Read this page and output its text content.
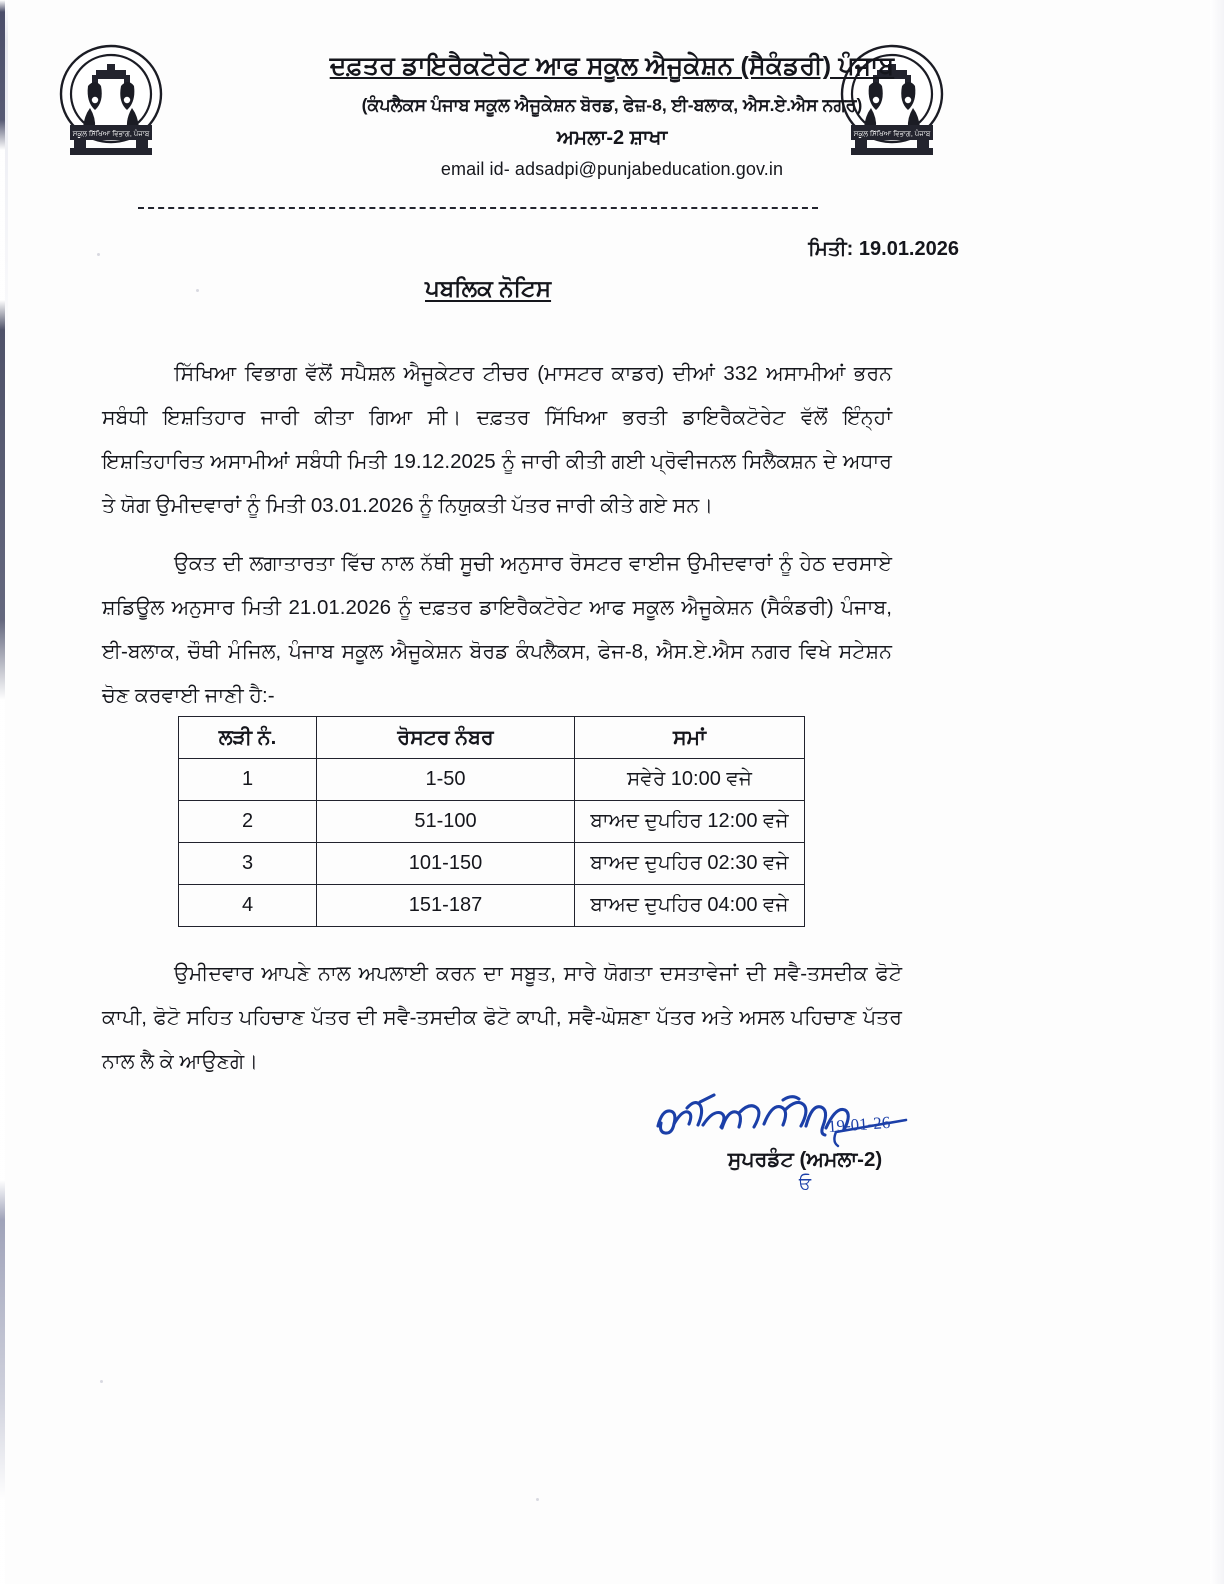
ਸਕੂਲ ਸਿੱਖਿਆ ਵਿਭਾਗ, ਪੰਜਾਬ	ਸਕੂਲ ਸਿੱਖਿਆ ਵਿਭਾਗ, ਪੰਜਾਬ
ਦਫ਼ਤਰ ਡਾਇਰੈਕਟੋਰੇਟ ਆਫ ਸਕੂਲ ਐਜੂਕੇਸ਼ਨ (ਸੈਕੰਡਰੀ) ਪੰਜਾਬ
(ਕੰਪਲੈਕਸ ਪੰਜਾਬ ਸਕੂਲ ਐਜੂਕੇਸ਼ਨ ਬੋਰਡ, ਫੇਜ਼-8, ਈ-ਬਲਾਕ, ਐਸ.ਏ.ਐਸ ਨਗਰ)
ਅਮਲਾ-2 ਸ਼ਾਖਾ
email id- adsadpi@punjabeducation.gov.in
ਮਿਤੀ: 19.01.2026
ਪਬਲਿਕ ਨੋਟਿਸ

ਸਿੱਖਿਆ ਵਿਭਾਗ ਵੱਲੋਂ ਸਪੈਸ਼ਲ ਐਜੂਕੇਟਰ ਟੀਚਰ (ਮਾਸਟਰ ਕਾਡਰ) ਦੀਆਂ 332 ਅਸਾਮੀਆਂ ਭਰਨ ਸਬੰਧੀ ਇਸ਼ਤਿਹਾਰ ਜਾਰੀ ਕੀਤਾ ਗਿਆ ਸੀ। ਦਫ਼ਤਰ ਸਿੱਖਿਆ ਭਰਤੀ ਡਾਇਰੈਕਟੋਰੇਟ ਵੱਲੋਂ ਇੰਨ੍ਹਾਂ ਇਸ਼ਤਿਹਾਰਿਤ ਅਸਾਮੀਆਂ ਸਬੰਧੀ ਮਿਤੀ 19.12.2025 ਨੂੰ ਜਾਰੀ ਕੀਤੀ ਗਈ ਪ੍ਰੋਵੀਜਨਲ ਸਿਲੈਕਸ਼ਨ ਦੇ ਅਧਾਰ ਤੇ ਯੋਗ ਉਮੀਦਵਾਰਾਂ ਨੂੰ ਮਿਤੀ 03.01.2026 ਨੂੰ ਨਿਯੁਕਤੀ ਪੱਤਰ ਜਾਰੀ ਕੀਤੇ ਗਏ ਸਨ।

ਉਕਤ ਦੀ ਲਗਾਤਾਰਤਾ ਵਿੱਚ ਨਾਲ ਨੱਥੀ ਸੂਚੀ ਅਨੁਸਾਰ ਰੋਸਟਰ ਵਾਈਜ ਉਮੀਦਵਾਰਾਂ ਨੂੰ ਹੇਠ ਦਰਸਾਏ ਸ਼ਡਿਊਲ ਅਨੁਸਾਰ ਮਿਤੀ 21.01.2026 ਨੂੰ ਦਫ਼ਤਰ ਡਾਇਰੈਕਟੋਰੇਟ ਆਫ ਸਕੂਲ ਐਜੂਕੇਸ਼ਨ (ਸੈਕੰਡਰੀ) ਪੰਜਾਬ, ਈ-ਬਲਾਕ, ਚੌਥੀ ਮੰਜਿਲ, ਪੰਜਾਬ ਸਕੂਲ ਐਜੂਕੇਸ਼ਨ ਬੋਰਡ ਕੰਪਲੈਕਸ, ਫੇਜ-8, ਐਸ.ਏ.ਐਸ ਨਗਰ ਵਿਖੇ ਸਟੇਸ਼ਨ ਚੋਣ ਕਰਵਾਈ ਜਾਣੀ ਹੈ:-

ਲੜੀ ਨੰ.	ਰੋਸਟਰ ਨੰਬਰ	ਸਮਾਂ
1	1-50	ਸਵੇਰੇ 10:00 ਵਜੇ
2	51-100	ਬਾਅਦ ਦੁਪਹਿਰ 12:00 ਵਜੇ
3	101-150	ਬਾਅਦ ਦੁਪਹਿਰ 02:30 ਵਜੇ
4	151-187	ਬਾਅਦ ਦੁਪਹਿਰ 04:00 ਵਜੇ

ਉਮੀਦਵਾਰ ਆਪਣੇ ਨਾਲ ਅਪਲਾਈ ਕਰਨ ਦਾ ਸਬੂਤ, ਸਾਰੇ ਯੋਗਤਾ ਦਸਤਾਵੇਜਾਂ ਦੀ ਸਵੈ-ਤਸਦੀਕ ਫੋਟੋ ਕਾਪੀ, ਫੋਟੋ ਸਹਿਤ ਪਹਿਚਾਣ ਪੱਤਰ ਦੀ ਸਵੈ-ਤਸਦੀਕ ਫੋਟੋ ਕਾਪੀ, ਸਵੈ-ਘੋਸ਼ਣਾ ਪੱਤਰ ਅਤੇ ਅਸਲ ਪਹਿਚਾਣ ਪੱਤਰ ਨਾਲ ਲੈ ਕੇ ਆਉਣਗੇ।

19-01-26
ਸੁਪਰਡੰਟ (ਅਮਲਾ-2)
ਓ
